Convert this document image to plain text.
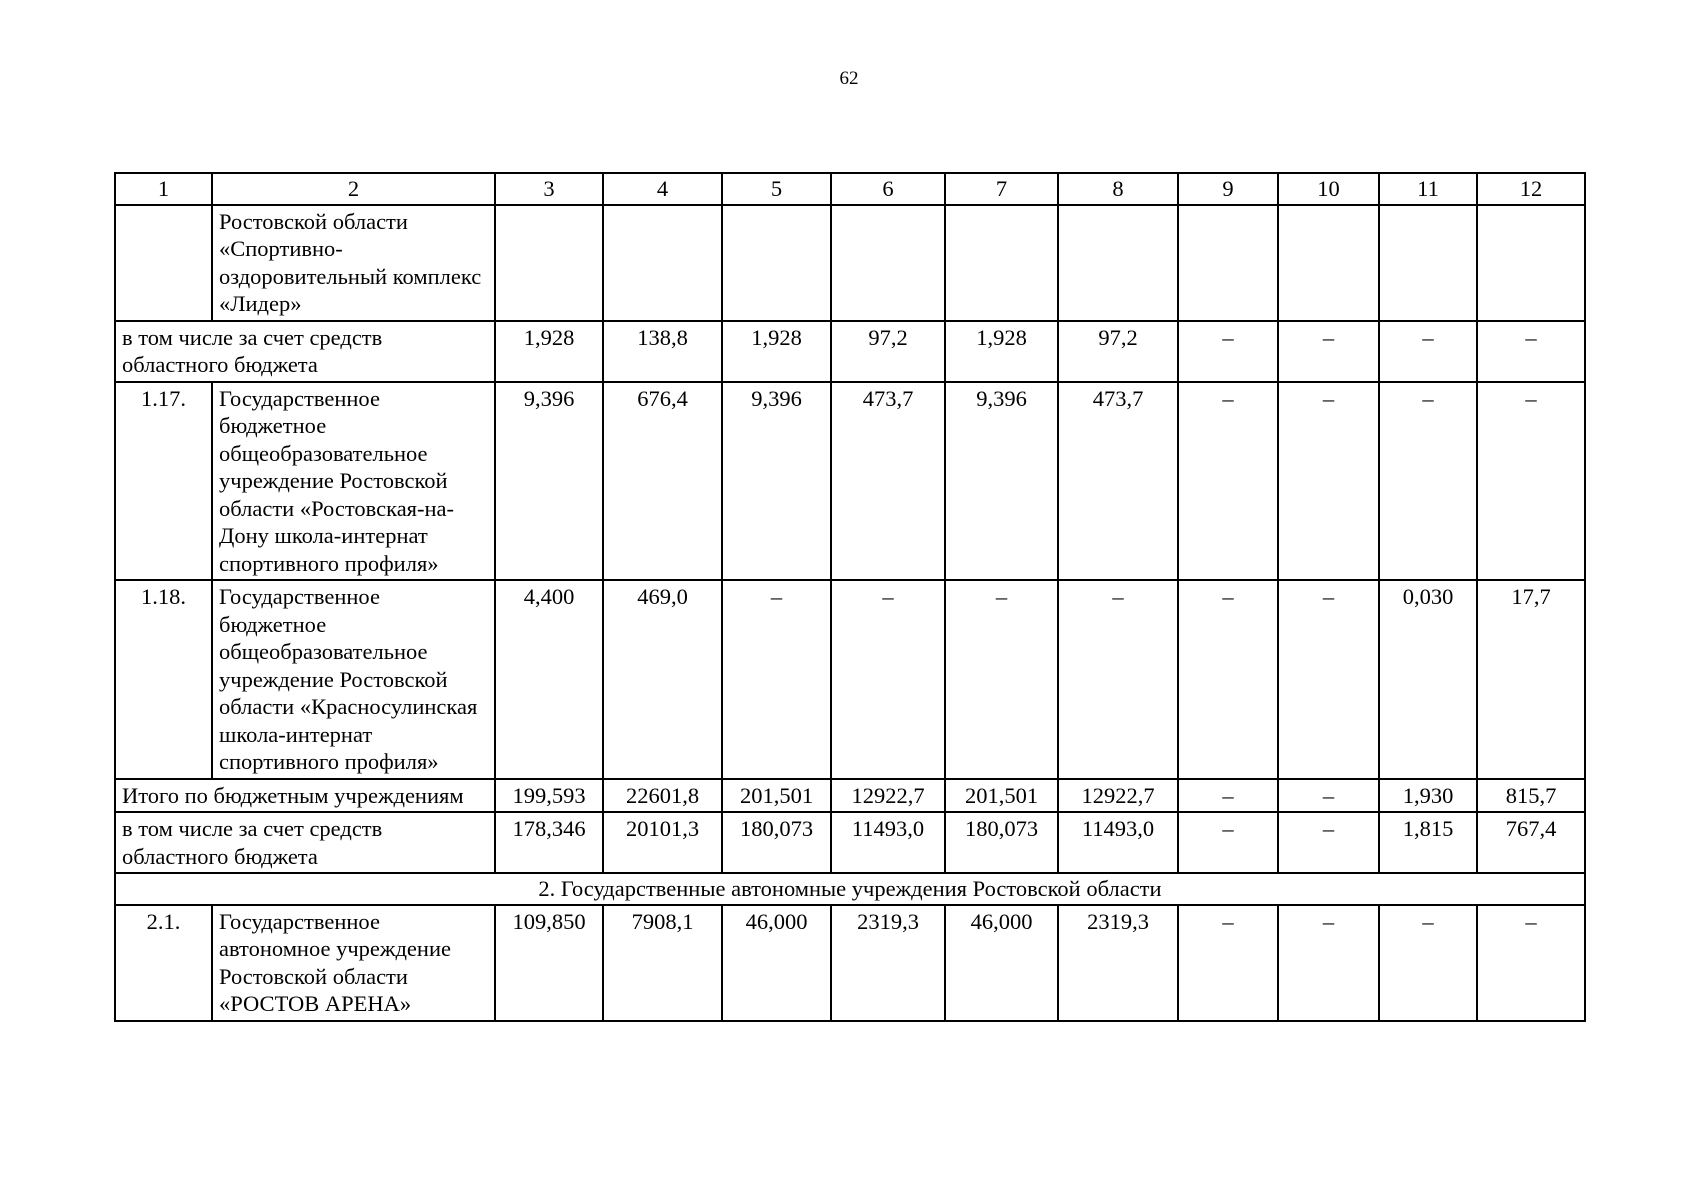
62
1	2	3	4	5	6	7	8	9	10	11	12
	Ростовской области «Спортивно-оздоровительный комплекс «Лидер»										
в том числе за счет средств областного бюджета		1,928	138,8	1,928	97,2	1,928	97,2	–	–	–	–
1.17.	Государственное бюджетное общеобразовательное учреждение Ростовской области «Ростовская-на-Дону школа-интернат спортивного профиля»	9,396	676,4	9,396	473,7	9,396	473,7	–	–	–	–
1.18.	Государственное бюджетное общеобразовательное учреждение Ростовской области «Красносулинская школа-интернат спортивного профиля»	4,400	469,0	–	–	–	–	–	–	0,030	17,7
Итого по бюджетным учреждениям		199,593	22601,8	201,501	12922,7	201,501	12922,7	–	–	1,930	815,7
в том числе за счет средств областного бюджета		178,346	20101,3	180,073	11493,0	180,073	11493,0	–	–	1,815	767,4
2. Государственные автономные учреждения Ростовской области											
2.1.	Государственное автономное учреждение Ростовской области «РОСТОВ АРЕНА»	109,850	7908,1	46,000	2319,3	46,000	2319,3	–	–	–	–
